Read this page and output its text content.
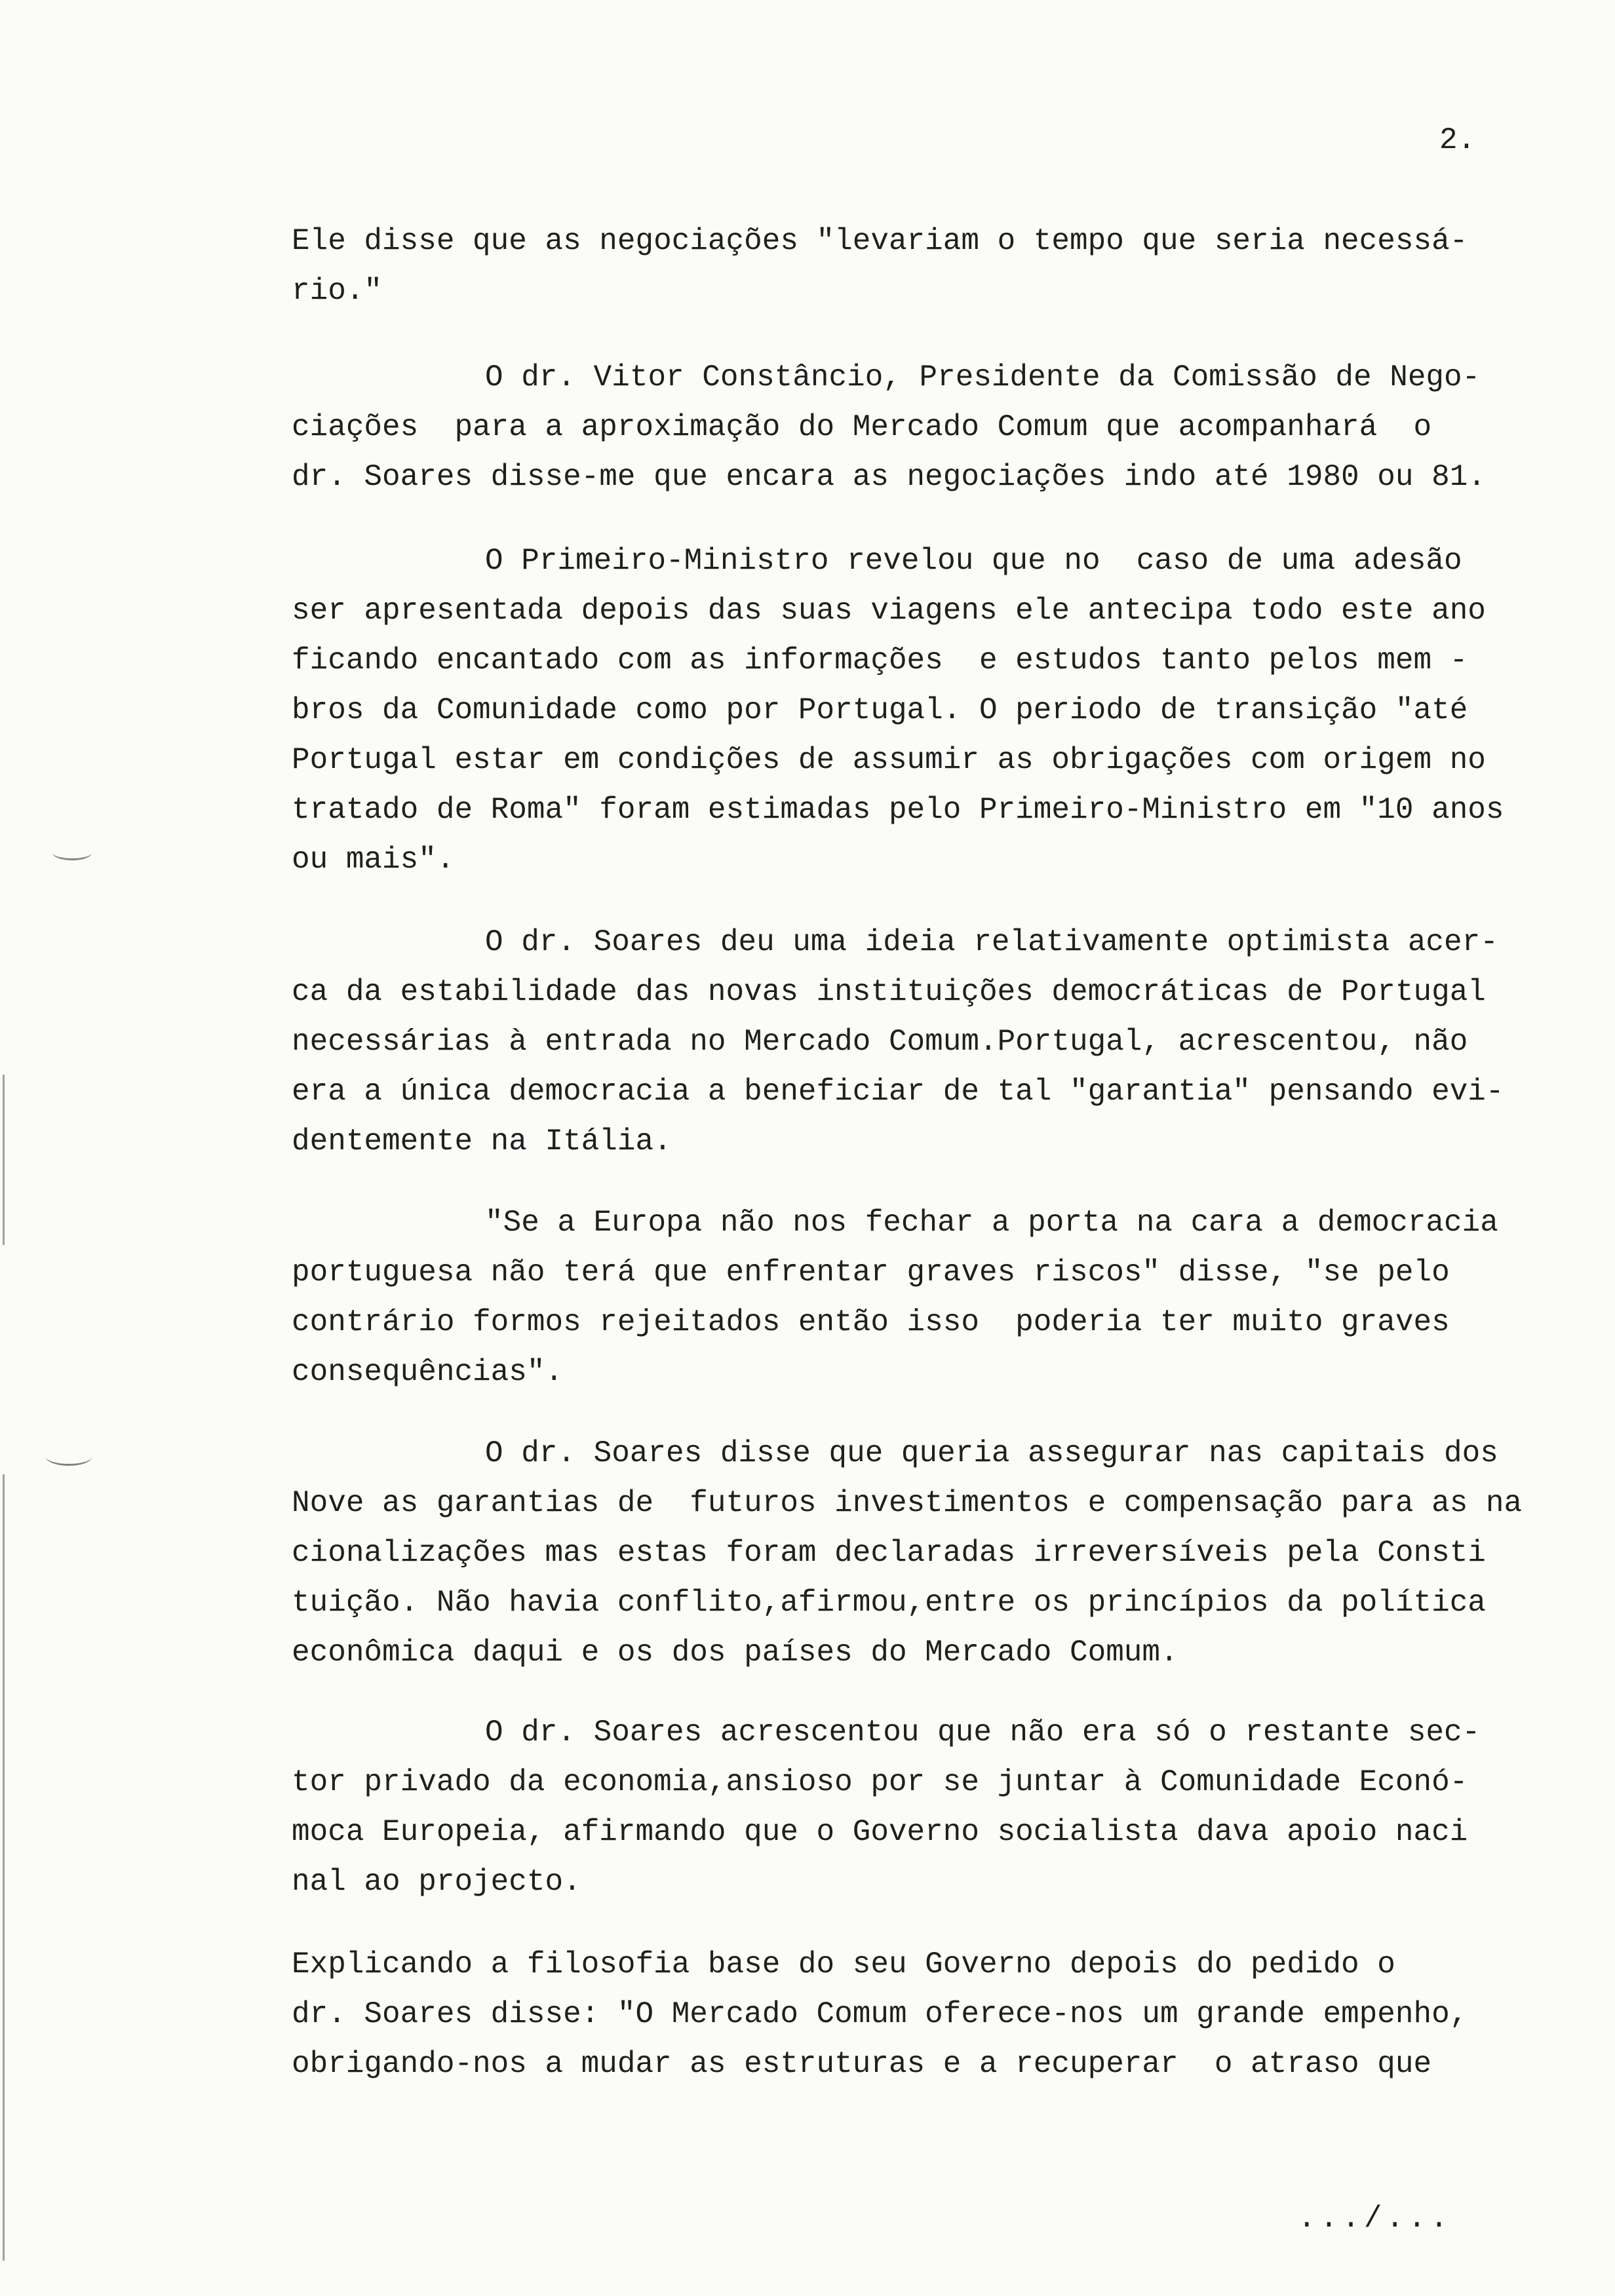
2.
Ele disse que as negociações "levariam o tempo que seria necessá-
rio."
O dr. Vitor Constâncio, Presidente da Comissão de Nego-
ciações  para a aproximação do Mercado Comum que acompanhará  o
dr. Soares disse-me que encara as negociações indo até 1980 ou 81.
O Primeiro-Ministro revelou que no  caso de uma adesão
ser apresentada depois das suas viagens ele antecipa todo este ano
ficando encantado com as informações  e estudos tanto pelos mem -
bros da Comunidade como por Portugal. O periodo de transição "até
Portugal estar em condições de assumir as obrigações com origem no
tratado de Roma" foram estimadas pelo Primeiro-Ministro em "10 anos
ou mais".
O dr. Soares deu uma ideia relativamente optimista acer-
ca da estabilidade das novas instituições democráticas de Portugal
necessárias à entrada no Mercado Comum.Portugal, acrescentou, não
era a única democracia a beneficiar de tal "garantia" pensando evi-
dentemente na Itália.
"Se a Europa não nos fechar a porta na cara a democracia
portuguesa não terá que enfrentar graves riscos" disse, "se pelo
contrário formos rejeitados então isso  poderia ter muito graves
consequências".
O dr. Soares disse que queria assegurar nas capitais dos
Nove as garantias de  futuros investimentos e compensação para as na
cionalizações mas estas foram declaradas irreversíveis pela Consti
tuição. Não havia conflito,afirmou,entre os princípios da política
econômica daqui e os dos países do Mercado Comum.
O dr. Soares acrescentou que não era só o restante sec-
tor privado da economia,ansioso por se juntar à Comunidade Econó-
moca Europeia, afirmando que o Governo socialista dava apoio naci
nal ao projecto.
Explicando a filosofia base do seu Governo depois do pedido o
dr. Soares disse: "O Mercado Comum oferece-nos um grande empenho,
obrigando-nos a mudar as estruturas e a recuperar  o atraso que
.../...
